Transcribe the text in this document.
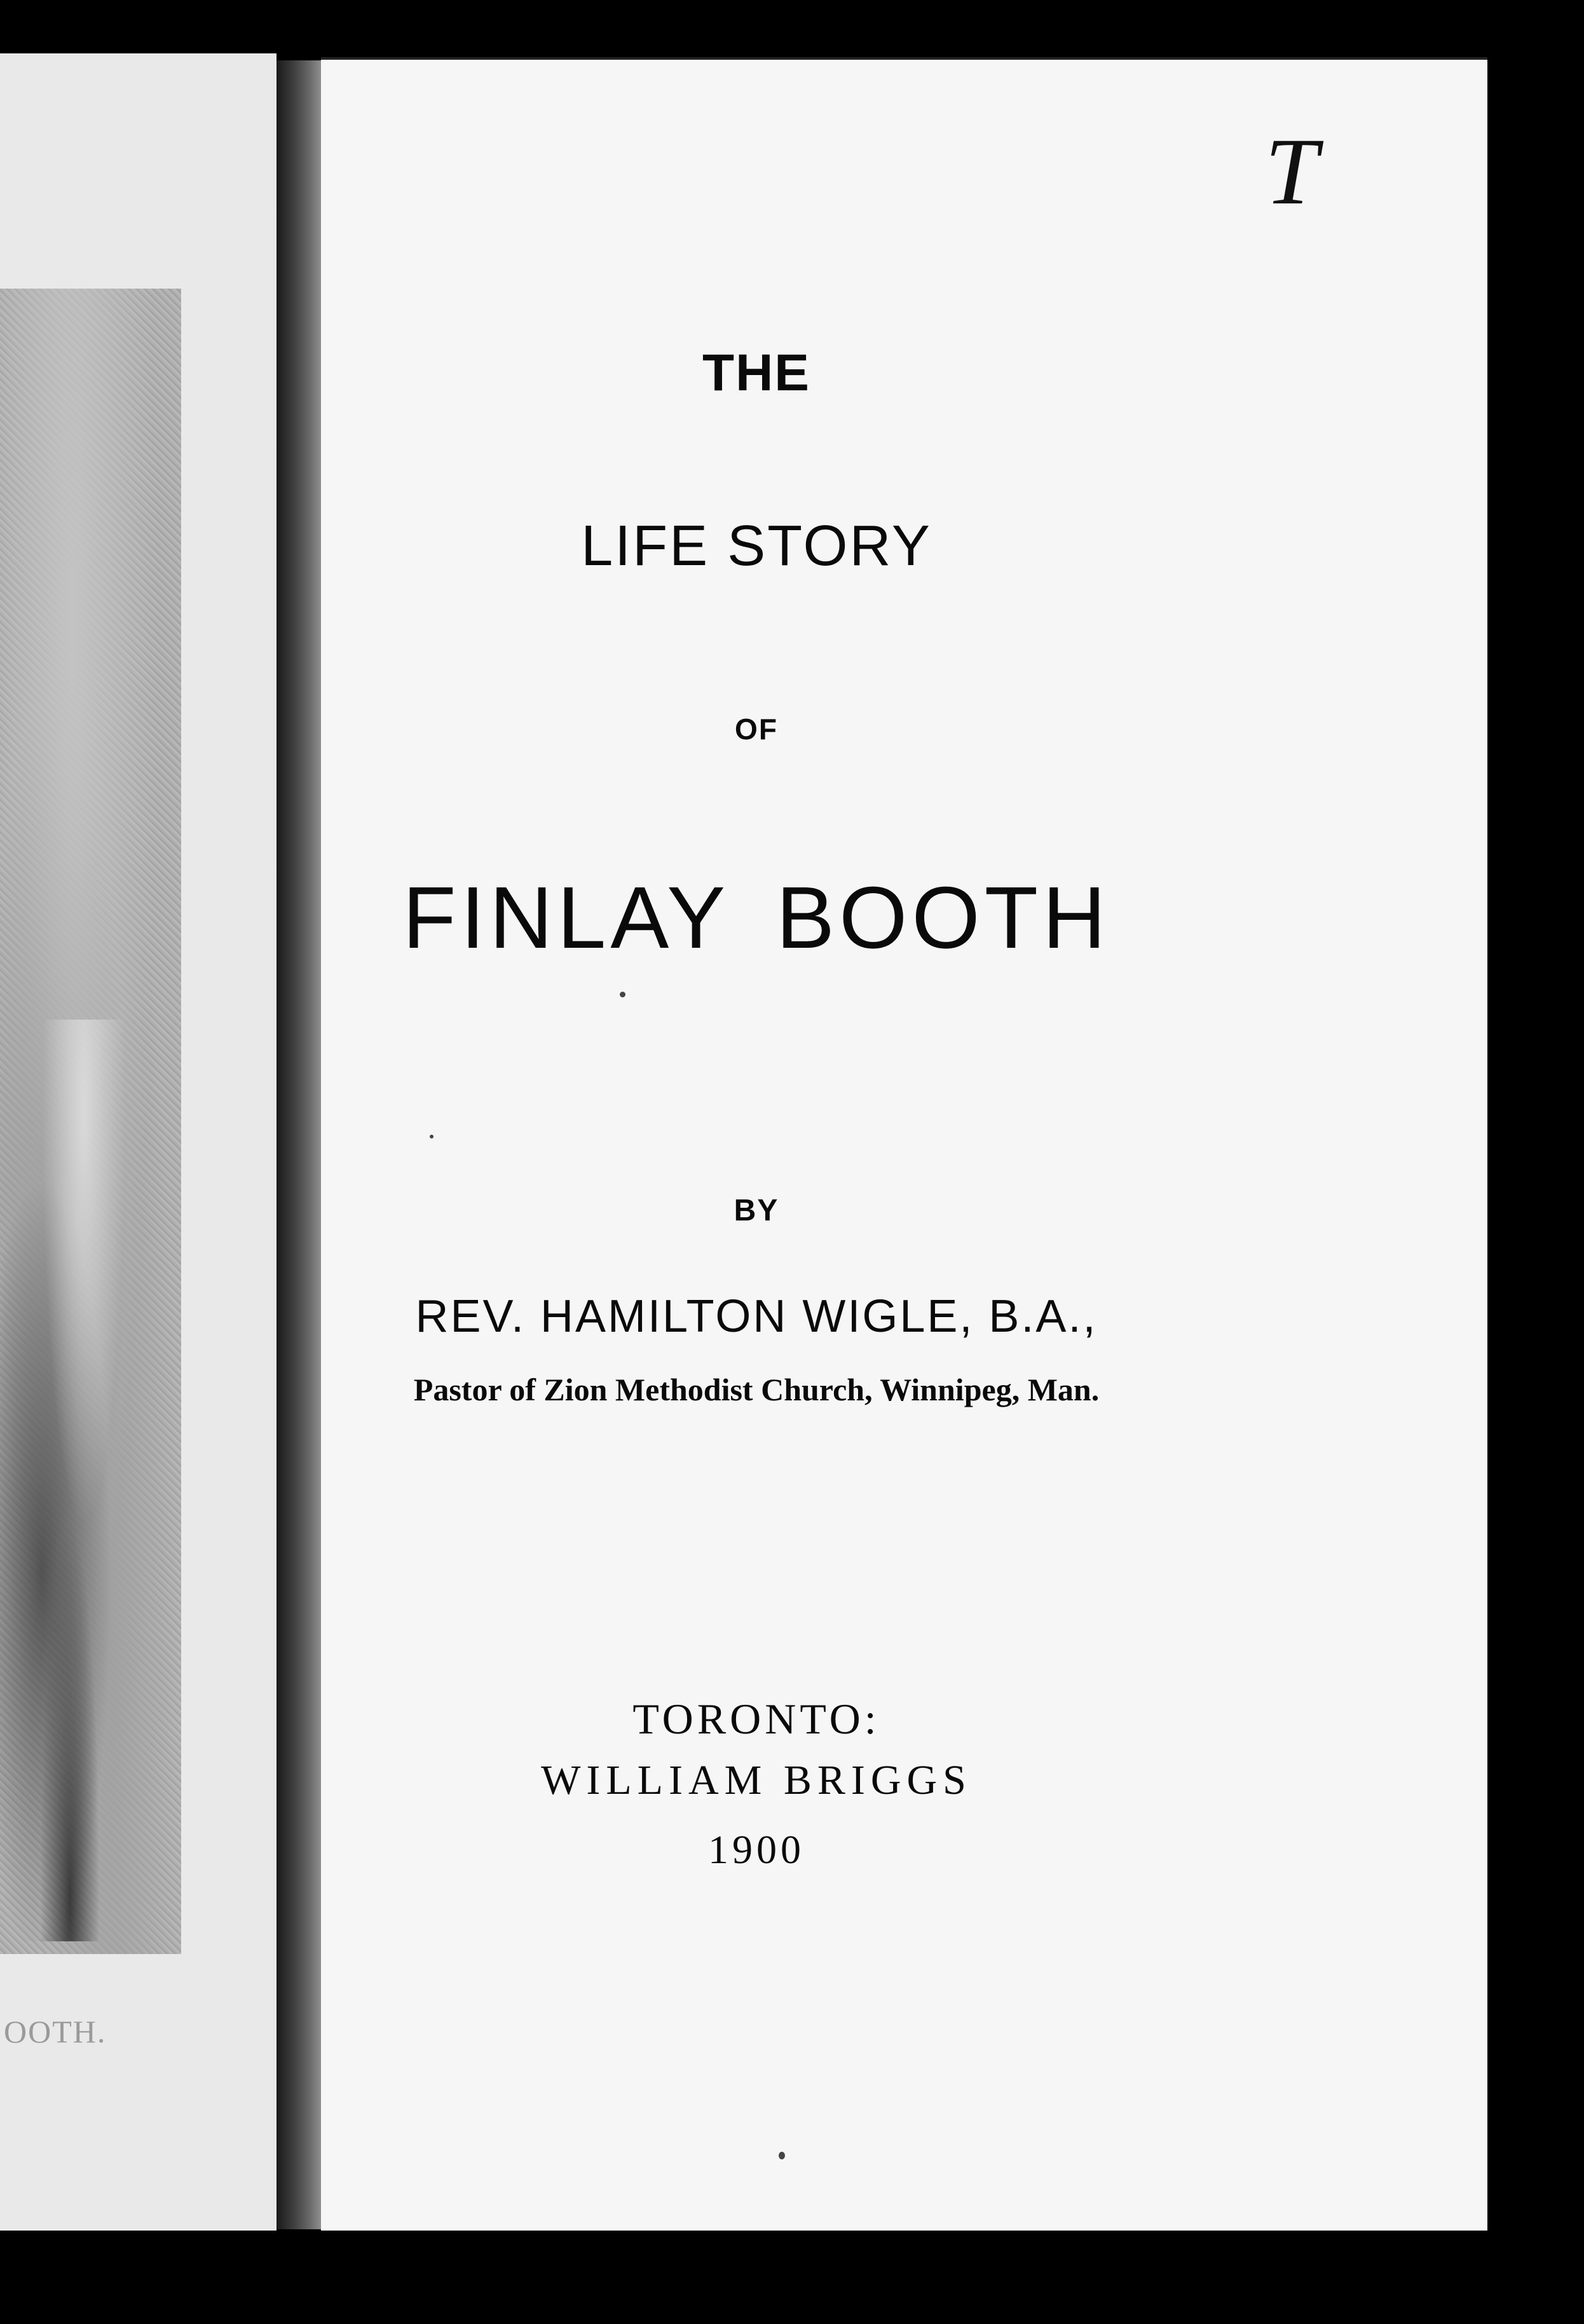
OOTH.
T
THE
LIFE STORY
OF
FINLAY BOOTH
BY
REV. HAMILTON WIGLE, B.A.,
Pastor of Zion Methodist Church, Winnipeg, Man.
TORONTO:
WILLIAM BRIGGS
1900
